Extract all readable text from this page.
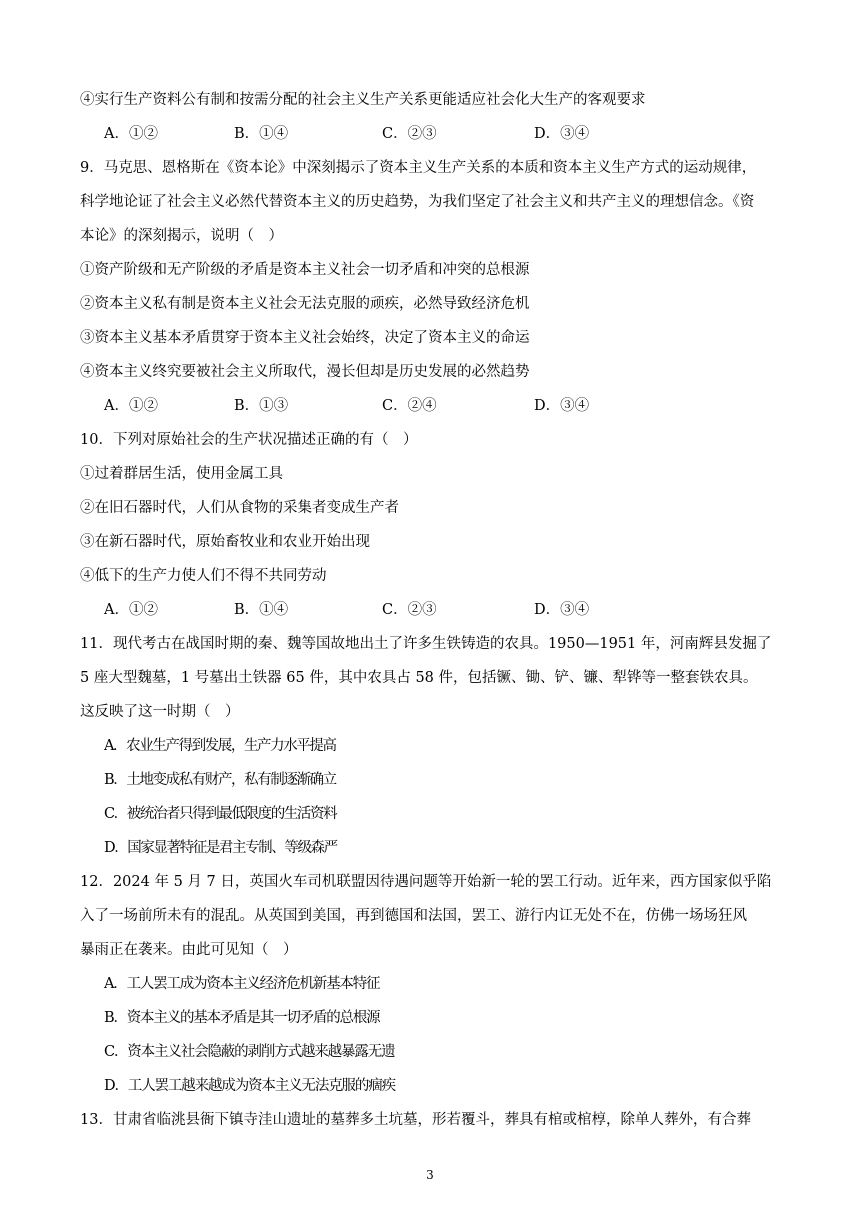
④实行生产资料公有制和按需分配的社会主义生产关系更能适应社会化大生产的客观要求
A．①②	B．①④	C．②③	D．③④
9．马克思、恩格斯在《资本论》中深刻揭示了资本主义生产关系的本质和资本主义生产方式的运动规律，
科学地论证了社会主义必然代替资本主义的历史趋势，为我们坚定了社会主义和共产主义的理想信念。《资
本论》的深刻揭示，说明（　）
①资产阶级和无产阶级的矛盾是资本主义社会一切矛盾和冲突的总根源
②资本主义私有制是资本主义社会无法克服的顽疾，必然导致经济危机
③资本主义基本矛盾贯穿于资本主义社会始终，决定了资本主义的命运
④资本主义终究要被社会主义所取代，漫长但却是历史发展的必然趋势
A．①②	B．①③	C．②④	D．③④
10．下列对原始社会的生产状况描述正确的有（　）
①过着群居生活，使用金属工具
②在旧石器时代，人们从食物的采集者变成生产者
③在新石器时代，原始畜牧业和农业开始出现
④低下的生产力使人们不得不共同劳动
A．①②	B．①④	C．②③	D．③④
11．现代考古在战国时期的秦、魏等国故地出土了许多生铁铸造的农具。1950—1951 年，河南辉县发掘了
5 座大型魏墓，1 号墓出土铁器 65 件，其中农具占 58 件，包括镢、锄、铲、镰、犁铧等一整套铁农具。
这反映了这一时期（　）
A．农业生产得到发展，生产力水平提高
B．土地变成私有财产，私有制逐渐确立
C．被统治者只得到最低限度的生活资料
D．国家显著特征是君主专制、等级森严
12．2024 年 5 月 7 日，英国火车司机联盟因待遇问题等开始新一轮的罢工行动。近年来，西方国家似乎陷
入了一场前所未有的混乱。从英国到美国，再到德国和法国，罢工、游行内讧无处不在，仿佛一场场狂风
暴雨正在袭来。由此可见知（　）
A．工人罢工成为资本主义经济危机新基本特征
B．资本主义的基本矛盾是其一切矛盾的总根源
C．资本主义社会隐蔽的剥削方式越来越暴露无遗
D．工人罢工越来越成为资本主义无法克服的痼疾
13．甘肃省临洮县衙下镇寺洼山遗址的墓葬多土坑墓，形若覆斗，葬具有棺或棺椁，除单人葬外，有合葬
3
